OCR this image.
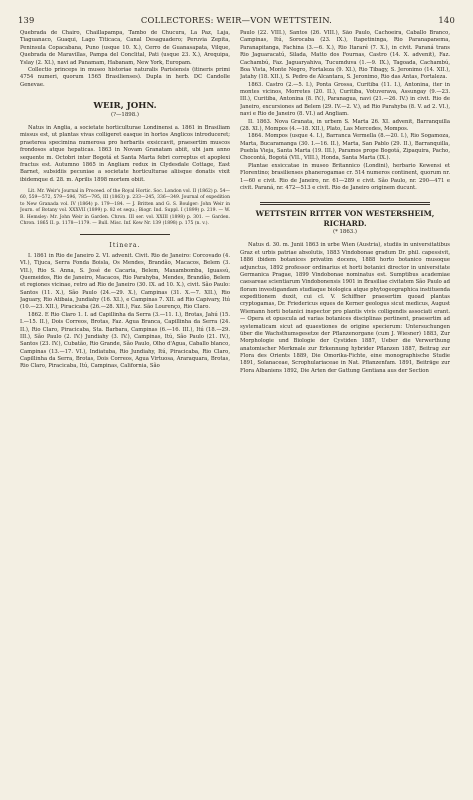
139	COLLECTORES: WEIR—VON WETTSTEIN.	140

Quebrada de Chairo, Chaillapampa, Tambo de Chucura, La Paz, Laja, Tiaguanaco, Guaqui, Lago Titicaca, Canal Desaguadero; Peruvia Zepita, Peninsula Copacabana, Puno (usque 10. X.), Cerro de Guanasapata, Vilque, Quebrada de Maravillas, Pampa del Conclital, Pati (usque 23. X.), Arequipa, Yslay (2. XI.), navi ad Panamam, Habanam, New York, Europam.

Collectio princeps in museo historiae naturalis Parisiensis (itineris primi 4754 numeri, quorum 1565 Brasilienses). Dupla in herb. DC Candolle Genevae.

WEIR, JOHN.
(?—1898.)

Natus in Anglia, a societate horticulturae Londinensi a. 1861 in Brasiliam missus est, ut plantas vivas colligeret easque in hortos Anglicos introduceret; praeterea specimina numerosa pro herbariis exsiccavit, praesertim muscos frondosos atque hepaticas. 1863 in Novam Granatam abiit, ubi jam anno sequente m. Octobri inter Bogotá et Santa Marta febri correptus et apoplexi fractus est. Autumno 1865 in Angliam redux in Clydesdale Cottage, East Barnet, subsidiis pecuniae a societate horticulturae aliisque donatis vixit ibidemque d. 28. m. Aprilis 1898 mortem obiit.

Lit. Mr. Weir's Journal in Proceed. of the Royal Hortic. Soc. London vol. II (1862) p. 54—60, 559—572, 579—596, 785—795, III (1863) p. 233—245, 336—349. Journal of expedition to New Granada vol. IV (1864) p. 179—184. — J. Britten and G. S. Boulger: John Weir in Journ. of Botany vol. XXXVII (1899) p. 82 et sequ.; Biogr. Ind. Suppl. I (1899) p. 219. — W. B. Hemsley: Mr. John Weir in Garden. Chron. III ser. vol. XXIII (1898) p. 301. — Garden. Chron. 1865 II. p. 1178—1179. — Bull. Misc. Inf. Kew Nr. 139 (1898) p. 175 (n. v.).

Itinera.

I. 1861 in Rio de Janeiro 2. VI. advenit. Civit. Rio de Janeiro: Corcovado (4. VI.), Tijuca, Serra Fonda Boisla, Os Mendes, Brandão, Macacos, Belem (3. VII.), Rio S. Anna, S. José de Cacaria, Belem, Maxambomba, Iguassú, Quemeidos, Rio de Janeiro, Macacos, Rio Parahyba, Mendes, Brandão, Belem et regiones vicinae, retro ad Rio de Janeiro (30. IX. ad 10. X.), civit. São Paulo: Santos (11. X.), São Paulo (24.—29. X.), Campinas (31. X.—7. XII.), Rio Jaguary, Rio Atibaia, Jundiahy (16. XI.), e Campinas 7. XII. ad Rio Capivary, Itú (10.—23. XII.), Piracicaba (26.—28. XII.), Faz. São Lourenço, Rio Claro.

1862. E Rio Claro 1. I. ad Capillinha da Serra (3.—11. I.), Brotas, Jahú (15. I.—15. II.), Dois Correos, Brotas, Faz. Agua Branca, Capillinha da Serra (24. II.), Rio Claro, Piracicaba, Sta. Barbara, Campinas (6.—16. III.), Itú (18.—29. III.), São Paulo (2. IV.) Jundiahy (3. IV.), Campinas, Itú, São Paulo (21. IV.), Santos (23. IV.), Cubatão, Rio Grande, São Paulo, Olho d'Agua, Caballo blanco, Campinas (13.—17. VI.), Indiatuba, Rio Jundiahy, Itú, Piracicaba, Rio Claro, Capillinha da Serra, Brotas, Dois Correos, Agua Virtuosa, Araraquara, Brotas, Rio Claro, Piracicaba, Itú, Campinas, California, São

Paulo (22. VIII.), Santos (26. VIII.), São Paulo, Cachoeira, Caballo Branco, Campinas, Itú, Sorocaba (23. IX.), Itapetininga, Rio Paranapanema, Paranapitanga, Fachina (3.—6. X.), Rio Itararé (7. X.), in civit. Paraná trans Rio Jaguaracatú, Silada, Matto dos Fournas, Castro (14. X. advenit), Faz. Cachambú, Faz. Jaguaryahiva, Tucumduva (1.—9. IX.), Tagoada, Cachambú, Boa Vista, Monte Negro, Fortaleza (9. XI.), Rio Tibagy, S. Jeronimo (14. XII.), Jatahy (18. XII.), S. Pedro de Alcantara, S. Jeronimo, Rio das Antas, Fortaleza.

1863. Castro (2.—5. I.), Ponta Grossa, Curitiba (11. I.), Antonina, iter in montes vicinos, Morretes (20. II.), Curitiba, Votuverava, Assungay (9.—23. III.), Curitiba, Antonina (8. IV.), Paranagua, navi (21.—26. IV.) in civit. Rio de Janeiro, excursiones ad Belem (29. IV.—2. V.), ad Rio Parahyba (8. V. ad 2. VI.), navi e Rio de Janeiro (8. VI.) ad Angliam.

II. 1863. Nova Granata, in urbem S. Marta 26. XI. advenit, Barranquilla (28. XI.), Mompos (4.—18. XII.), Plato, Las Mercedes, Mompos.

1864. Mompos (usque 4. I.), Barranca Vermella (8.—20. I.), Rio Sogamoza, Marta, Bucaramanga (30. I.—16. II.), Marta, San Pablo (29. II.), Barranquilla, Puebla Vieja, Santa Marta (19. III.), Paramos prope Bogotá, Zipaquira, Pacho, Chocontá, Bogotá (VII., VIII.), Honda, Santa Marta (IX.).

Plantae exsiccatae in museo Britannico (Londini), herbario Kewensi et Florentino; brasilienses phanerogamae cr. 514 numeros continent, quorum nr. 1—60 e civit. Rio de Janeiro, nr. 61—289 e civit. São Paulo, nr. 290—471 e civit. Paraná, nr. 472—513 e civit. Rio de Janeiro originem ducunt.

WETTSTEIN RITTER VON WESTERSHEIM, RICHARD.
(* 1863.)

Natus d. 30. m. Junii 1863 in urbe Wien (Austria), studiis in universitatibus Graz et urbis patriae absolutis, 1883 Vindobonae gradum Dr. phil. capessivit, 1886 ibidem botanices privatim docens, 1888 horto botanico musoque adjunctus, 1892 professor ordinarius et horti botanici director in universitate Germanica Pragae, 1899 Vindobonae nominatus est. Sumptibus academiae caesareae scientiarum Vindobonensis 1901 in Brasiliae civitatem São Paulo ad floram investigandam studiaque biologica atque phytogeographica instituenda expeditionem duxit, cui cl. V. Schiffner praesertim quoad plantas cryptogamas, Dr. Friedericus eques de Kerner geologus sicut medicus, August Wiemann horti botanici inspector pro plantis vivis colligendis associati erant. — Opera et opuscula ad varias botanices disciplinas pertinent, praesertim ad systematicam sicut ad quaestiones de origine specierum: Untersuchungen über die Wachsthumsgesetze der Pflanzenorgane (cum J. Wiesner) 1883, Zur Morphologie und Biologie der Cystiden 1887, Ueber die Verwerthung anatomischer Merkmale zur Erkennung hybrider Pflanzen 1887, Beitrag zur Flora des Orients 1889, Die Omorika-Fichte, eine monographische Studie 1891, Solanaceae, Scrophulariaceae in Nat. Pflanzenfam. 1891, Beiträge zur Flora Albaniens 1892, Die Arten der Gattung Gentiana aus der Section
